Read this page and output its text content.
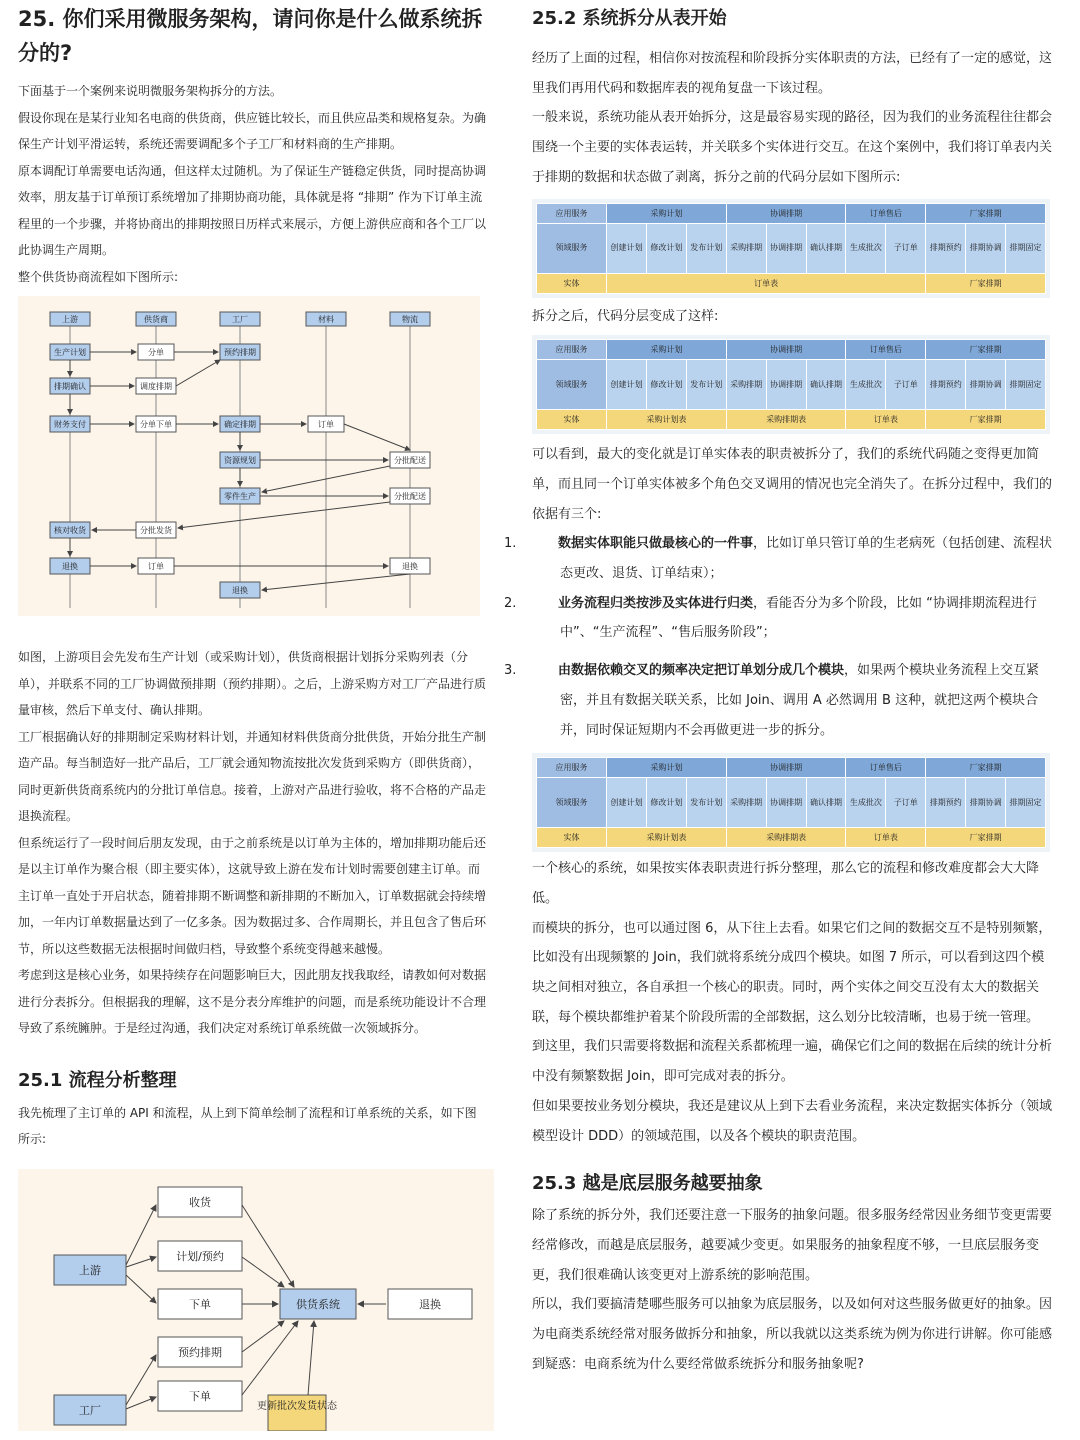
25. 你们采用微服务架构，请问你是什么做系统拆分的?

下面基于一个案例来说明微服务架构拆分的方法。

假设你现在是某行业知名电商的供货商，供应链比较长，而且供应品类和规格复杂。为确保生产计划平滑运转，系统还需要调配多个子工厂和材料商的生产排期。

原本调配订单需要电话沟通，但这样太过随机。为了保证生产链稳定供货，同时提高协调效率，朋友基于订单预订系统增加了排期协商功能，具体就是将 “排期” 作为下订单主流程里的一个步骤，并将协商出的排期按照日历样式来展示，方便上游供应商和各个工厂以此协调生产周期。

整个供货协商流程如下图所示:

上游	供货商	工厂	材料	物流
生产计划	分单	预约排期
排期确认	调度排期
财务支付	分单下单	确定排期	订单
资源规划	分批配送
零件生产	分批配送
核对收货	分批发货
退换	订单	退换
退换

如图，上游项目会先发布生产计划（或采购计划），供货商根据计划拆分采购列表（分单），并联系不同的工厂协调做预排期（预约排期）。之后，上游采购方对工厂产品进行质量审核，然后下单支付、确认排期。

工厂根据确认好的排期制定采购材料计划，并通知材料供货商分批供货，开始分批生产制造产品。每当制造好一批产品后，工厂就会通知物流按批次发货到采购方（即供货商），同时更新供货商系统内的分批订单信息。接着，上游对产品进行验收，将不合格的产品走退换流程。

但系统运行了一段时间后朋友发现，由于之前系统是以订单为主体的，增加排期功能后还是以主订单作为聚合根（即主要实体），这就导致上游在发布计划时需要创建主订单。而主订单一直处于开启状态，随着排期不断调整和新排期的不断加入，订单数据就会持续增加，一年内订单数据量达到了一亿多条。因为数据过多、合作周期长，并且包含了售后环节，所以这些数据无法根据时间做归档，导致整个系统变得越来越慢。

考虑到这是核心业务，如果持续存在问题影响巨大，因此朋友找我取经，请教如何对数据进行分表拆分。但根据我的理解，这不是分表分库维护的问题，而是系统功能设计不合理导致了系统臃肿。于是经过沟通，我们决定对系统订单系统做一次领域拆分。

25.1 流程分析整理

我先梳理了主订单的 API 和流程，从上到下简单绘制了流程和订单系统的关系，如下图所示:

收货
上游
计划/预约
下单	供货系统	退换
预约排期
下单
工厂	更新批次发货状态
25.2 系统拆分从表开始

经历了上面的过程，相信你对按流程和阶段拆分实体职责的方法，已经有了一定的感觉，这里我们再用代码和数据库表的视角复盘一下该过程。

一般来说，系统功能从表开始拆分，这是最容易实现的路径，因为我们的业务流程往往都会围绕一个主要的实体表运转，并关联多个实体进行交互。在这个案例中，我们将订单表内关于排期的数据和状态做了剥离，拆分之前的代码分层如下图所示:

应用服务	采购计划			协调排期			订单售后		厂家排期		
领域服务	创建计划	修改计划	发布计划	采购排期	协调排期	确认排期	生成批次	子订单	排期预约	排期协调	排期固定
实体	订单表								厂家排期		

拆分之后，代码分层变成了这样:

应用服务	采购计划			协调排期			订单售后		厂家排期		
领域服务	创建计划	修改计划	发布计划	采购排期	协调排期	确认排期	生成批次	子订单	排期预约	排期协调	排期固定
实体	采购计划表			采购排期表			订单表		厂家排期		

可以看到，最大的变化就是订单实体表的职责被拆分了，我们的系统代码随之变得更加简单，而且同一个订单实体被多个角色交叉调用的情况也完全消失了。在拆分过程中，我们的依据有三个:

1.	数据实体职能只做最核心的一件事，比如订单只管订单的生老病死（包括创建、流程状态更改、退货、订单结束）；

2.	业务流程归类按涉及实体进行归类，看能否分为多个阶段，比如 “协调排期流程进行中”、“生产流程”、“售后服务阶段”；

3.	由数据依赖交叉的频率决定把订单划分成几个模块，如果两个模块业务流程上交互紧密，并且有数据关联关系，比如 Join、调用 A 必然调用 B 这种，就把这两个模块合并，同时保证短期内不会再做更进一步的拆分。

应用服务	采购计划			协调排期			订单售后		厂家排期		
领域服务	创建计划	修改计划	发布计划	采购排期	协调排期	确认排期	生成批次	子订单	排期预约	排期协调	排期固定
实体	采购计划表			采购排期表			订单表		厂家排期		

一个核心的系统，如果按实体表职责进行拆分整理，那么它的流程和修改难度都会大大降低。

而模块的拆分，也可以通过图 6，从下往上去看。如果它们之间的数据交互不是特别频繁，比如没有出现频繁的 Join，我们就将系统分成四个模块。如图 7 所示，可以看到这四个模块之间相对独立，各自承担一个核心的职责。同时，两个实体之间交互没有太大的数据关联，每个模块都维护着某个阶段所需的全部数据，这么划分比较清晰，也易于统一管理。

到这里，我们只需要将数据和流程关系都梳理一遍，确保它们之间的数据在后续的统计分析中没有频繁数据 Join，即可完成对表的拆分。

但如果要按业务划分模块，我还是建议从上到下去看业务流程，来决定数据实体拆分（领域模型设计 DDD）的领域范围，以及各个模块的职责范围。

25.3 越是底层服务越要抽象

除了系统的拆分外，我们还要注意一下服务的抽象问题。很多服务经常因业务细节变更需要经常修改，而越是底层服务，越要减少变更。如果服务的抽象程度不够，一旦底层服务变更，我们很难确认该变更对上游系统的影响范围。

所以，我们要搞清楚哪些服务可以抽象为底层服务，以及如何对这些服务做更好的抽象。因为电商类系统经常对服务做拆分和抽象，所以我就以这类系统为例为你进行讲解。你可能感到疑惑：电商系统为什么要经常做系统拆分和服务抽象呢?
